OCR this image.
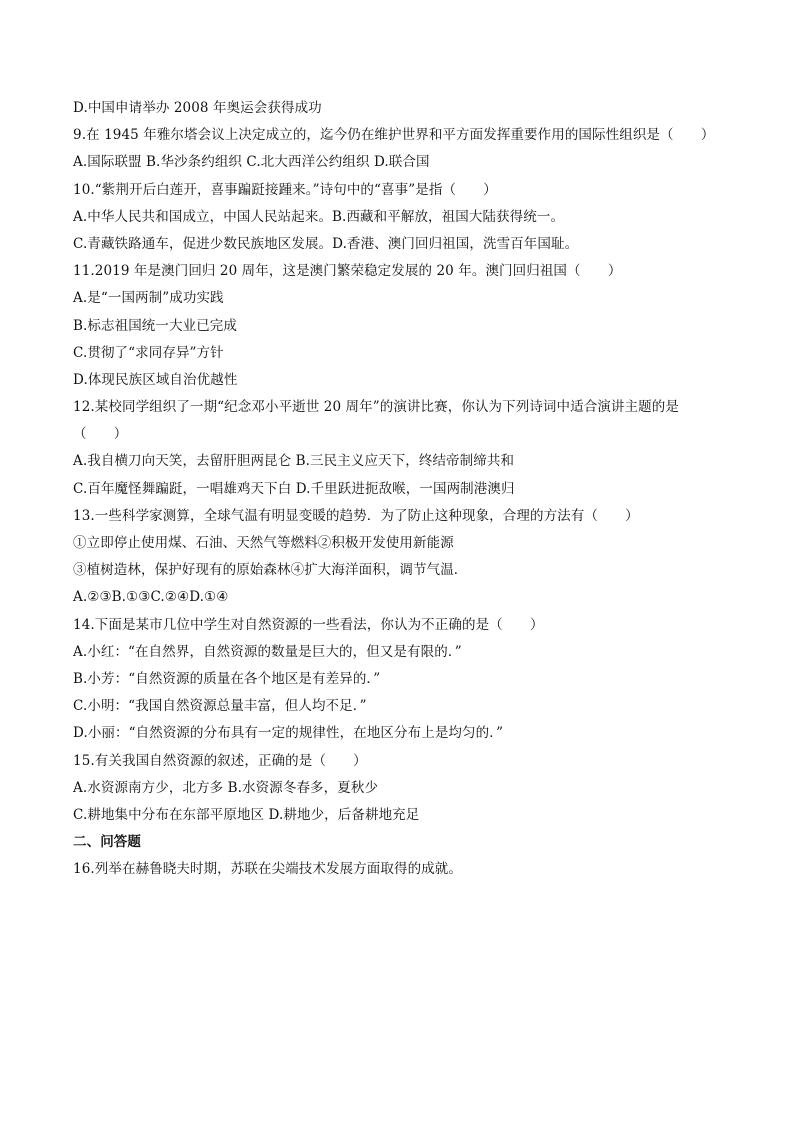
D.中国申请举办 2008 年奥运会获得成功
9.在 1945 年雅尔塔会议上决定成立的，迄今仍在维护世界和平方面发挥重要作用的国际性组织是（　　）
A.国际联盟 B.华沙条约组织 C.北大西洋公约组织 D.联合国
10.“紫荆开后白莲开，喜事蹁跹接踵来。”诗句中的“喜事”是指（　　）
A.中华人民共和国成立，中国人民站起来。B.西藏和平解放，祖国大陆获得统一。
C.青藏铁路通车，促进少数民族地区发展。D.香港、澳门回归祖国，洗雪百年国耻。
11.2019 年是澳门回归 20 周年，这是澳门繁荣稳定发展的 20 年。澳门回归祖国（　　）
A.是“一国两制”成功实践
B.标志祖国统一大业已完成
C.贯彻了“求同存异”方针
D.体现民族区域自治优越性
12.某校同学组织了一期“纪念邓小平逝世 20 周年”的演讲比赛，你认为下列诗词中适合演讲主题的是
（　　）
A.我自横刀向天笑，去留肝胆两昆仑 B.三民主义应天下，终结帝制缔共和
C.百年魔怪舞蹁跹，一唱雄鸡天下白 D.千里跃进扼敌喉，一国两制港澳归
13.一些科学家测算，全球气温有明显变暖的趋势．为了防止这种现象，合理的方法有（　　）
①立即停止使用煤、石油、天然气等燃料②积极开发使用新能源
③植树造林，保护好现有的原始森林④扩大海洋面积，调节气温．
A.②③B.①③C.②④D.①④
14.下面是某市几位中学生对自然资源的一些看法，你认为不正确的是（　　）
A.小红：“在自然界，自然资源的数量是巨大的，但又是有限的．”
B.小芳：“自然资源的质量在各个地区是有差异的．”
C.小明：“我国自然资源总量丰富，但人均不足．”
D.小丽：“自然资源的分布具有一定的规律性，在地区分布上是均匀的．”
15.有关我国自然资源的叙述，正确的是（　　）
A.水资源南方少，北方多 B.水资源冬春多，夏秋少
C.耕地集中分布在东部平原地区 D.耕地少，后备耕地充足
二、问答题
16.列举在赫鲁晓夫时期，苏联在尖端技术发展方面取得的成就。
